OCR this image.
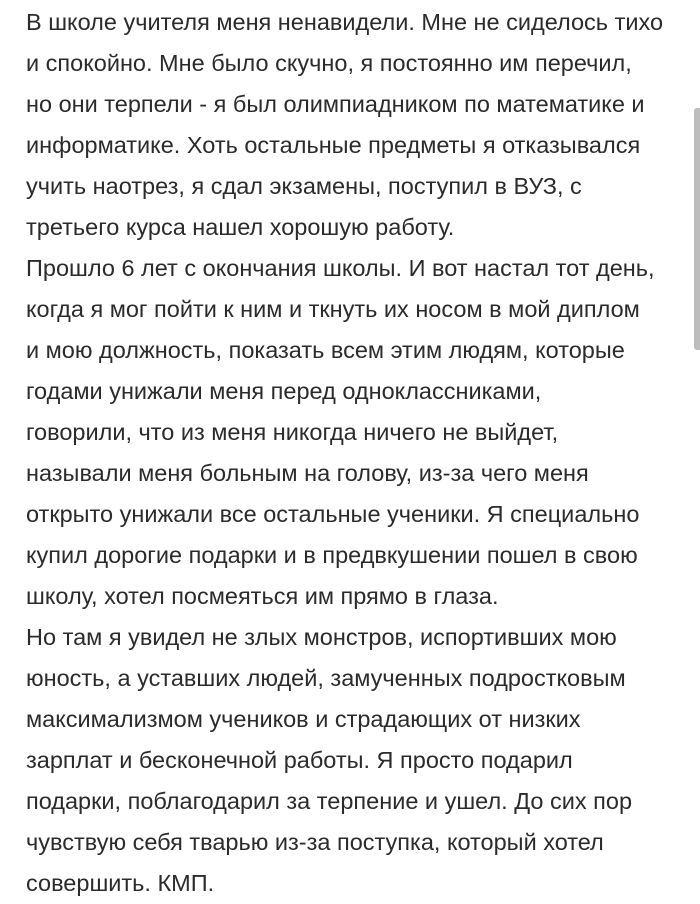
В школе учителя меня ненавидели. Мне не сиделось тихо
и спокойно. Мне было скучно, я постоянно им перечил,
но они терпели - я был олимпиадником по математике и
информатике. Хоть остальные предметы я отказывался
учить наотрез, я сдал экзамены, поступил в ВУЗ, с
третьего курса нашел хорошую работу.
Прошло 6 лет с окончания школы. И вот настал тот день,
когда я мог пойти к ним и ткнуть их носом в мой диплом
и мою должность, показать всем этим людям, которые
годами унижали меня перед одноклассниками,
говорили, что из меня никогда ничего не выйдет,
называли меня больным на голову, из-за чего меня
открыто унижали все остальные ученики. Я специально
купил дорогие подарки и в предвкушении пошел в свою
школу, хотел посмеяться им прямо в глаза.
Но там я увидел не злых монстров, испортивших мою
юность, а уставших людей, замученных подростковым
максимализмом учеников и страдающих от низких
зарплат и бесконечной работы. Я просто подарил
подарки, поблагодарил за терпение и ушел. До сих пор
чувствую себя тварью из-за поступка, который хотел
совершить. КМП.
